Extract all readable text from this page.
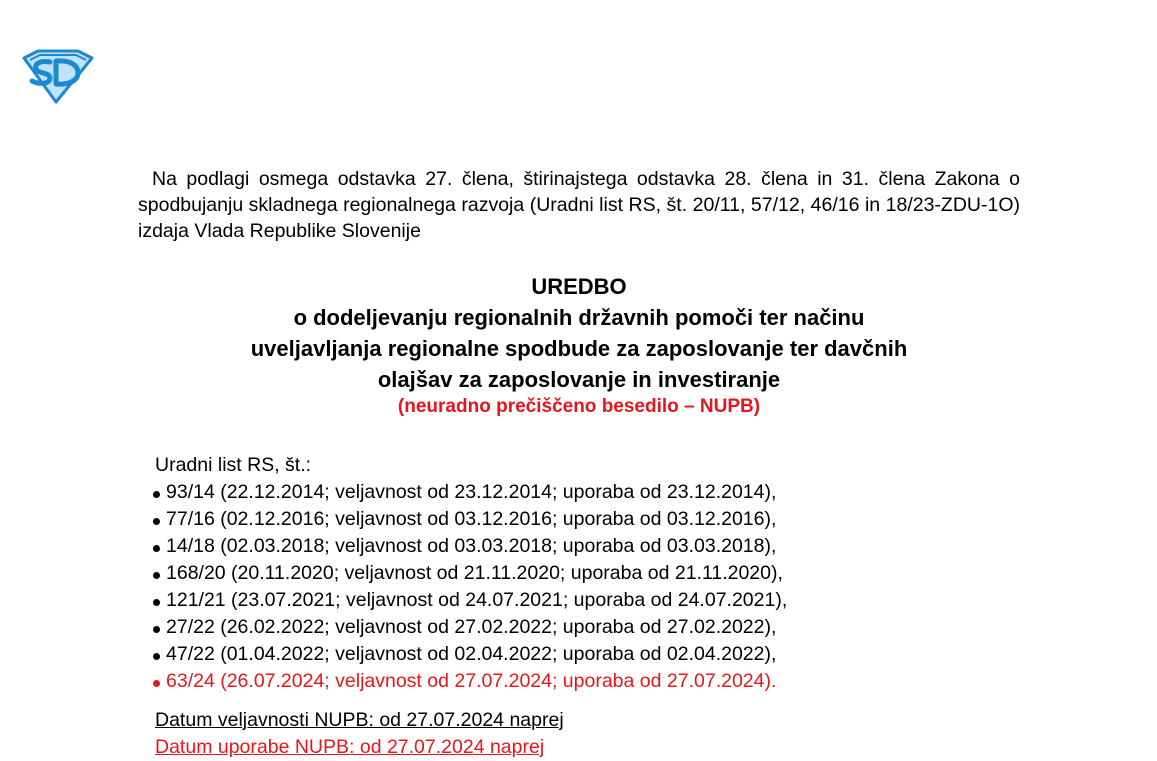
Na podlagi osmega odstavka 27. člena, štirinajstega odstavka 28. člena in 31. člena Zakona o spodbujanju skladnega regionalnega razvoja (Uradni list RS, št. 20/11, 57/12, 46/16 in 18/23-ZDU-1O) izdaja Vlada Republike Slovenije

UREDBO
o dodeljevanju regionalnih državnih pomoči ter načinu
uveljavljanja regionalne spodbude za zaposlovanje ter davčnih
olajšav za zaposlovanje in investiranje
(neuradno prečiščeno besedilo – NUPB)
Uradni list RS, št.:
93/14 (22.12.2014; veljavnost od 23.12.2014; uporaba od 23.12.2014),
77/16 (02.12.2016; veljavnost od 03.12.2016; uporaba od 03.12.2016),
14/18 (02.03.2018; veljavnost od 03.03.2018; uporaba od 03.03.2018),
168/20 (20.11.2020; veljavnost od 21.11.2020; uporaba od 21.11.2020),
121/21 (23.07.2021; veljavnost od 24.07.2021; uporaba od 24.07.2021),
27/22 (26.02.2022; veljavnost od 27.02.2022; uporaba od 27.02.2022),
47/22 (01.04.2022; veljavnost od 02.04.2022; uporaba od 02.04.2022),
63/24 (26.07.2024; veljavnost od 27.07.2024; uporaba od 27.07.2024).
Datum veljavnosti NUPB: od 27.07.2024 naprej
Datum uporabe NUPB: od 27.07.2024 naprej
